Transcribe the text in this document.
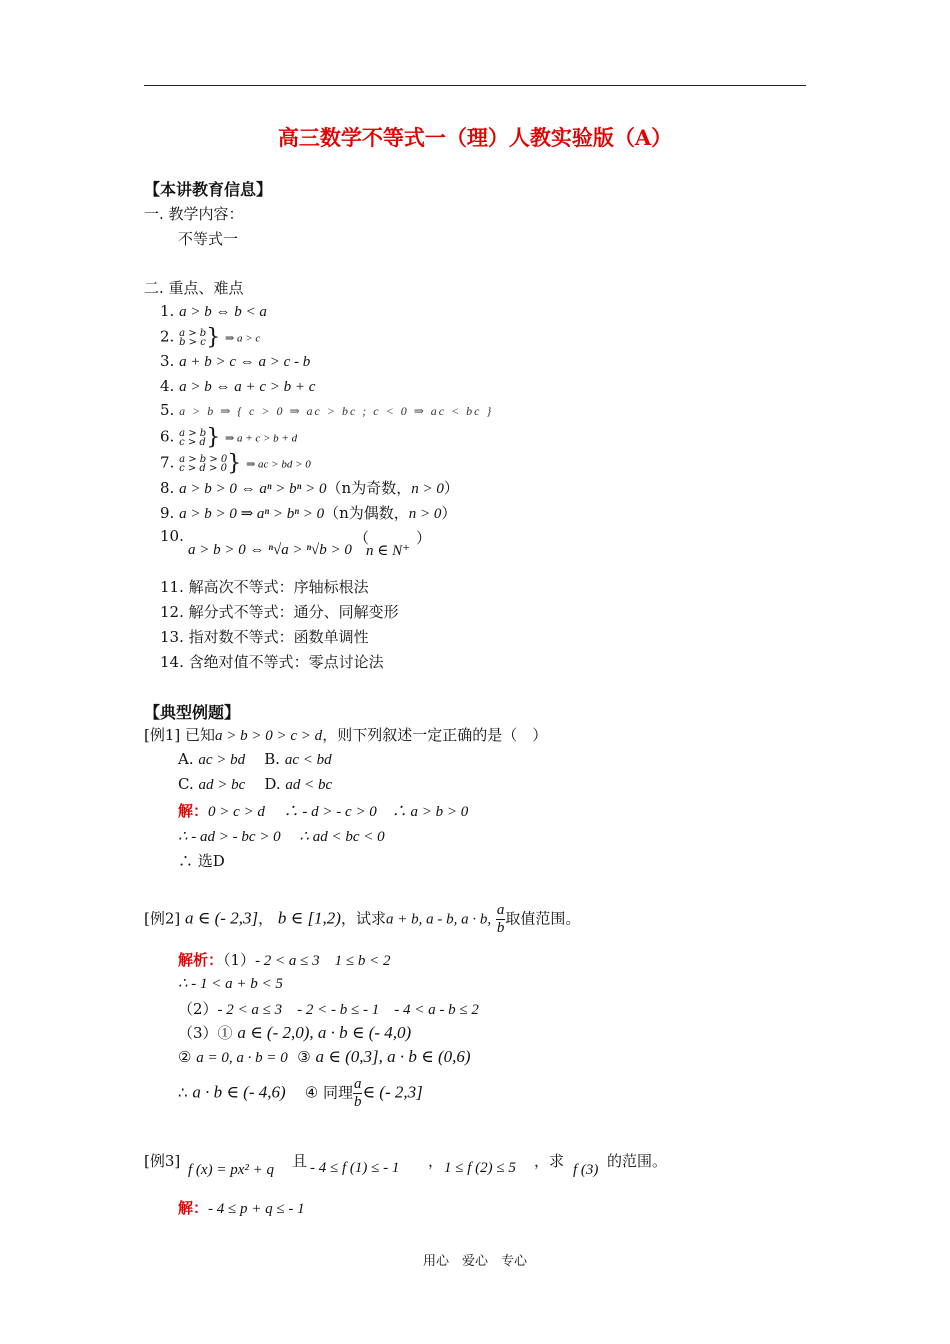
高三数学不等式一（理）人教实验版（A）
【本讲教育信息】
一. 教学内容：
不等式一
二. 重点、难点
1. a > b ⇔ b < a
2. a > b
b > c} ⇒ a > c
3. a + b > c ⇔ a > c - b
4. a > b ⇔ a + c > b + c
5. a > b ⇒ { c > 0 ⇒ ac > bc ; c < 0 ⇒ ac < bc }
6. a > b
c > d} ⇒ a + c > b + d
7. a > b > 0
c > d > 0} ⇒ ac > bd > 0
8. a > b > 0 ⇔ aⁿ > bⁿ > 0（n为奇数，n > 0）
9. a > b > 0 ⇒ aⁿ > bⁿ > 0（n为偶数，n > 0）
10.
a > b > 0 ⇔ ⁿ√a > ⁿ√b > 0
（
n ∈ N⁺
）
11. 解高次不等式：序轴标根法
12. 解分式不等式：通分、同解变形
13. 指对数不等式：函数单调性
14. 含绝对值不等式：零点讨论法
【典型例题】
[例1] 已知a > b > 0 > c > d，则下列叙述一定正确的是（　）
A. ac > bd B. ac < bd
C. ad > bc D. ad < bc
解：0 > c > d　 ∴ - d > - c > 0　∴ a > b > 0
∴ - ad > - bc > 0　 ∴ ad < bc < 0
∴ 选D
[例2] a ∈ (- 2,3]， b ∈ [1,2)，试求a + b, a - b, a · b, $\frac{a}{b}$ 取值范围。
解析：（1）- 2 < a ≤ 3　1 ≤ b < 2
∴ - 1 < a + b < 5
（2）- 2 < a ≤ 3　- 2 < - b ≤ - 1　- 4 < a - b ≤ 2
（3）① a ∈ (- 2,0), a · b ∈ (- 4,0)
② a = 0, a · b = 0 ③ a ∈ (0,3], a · b ∈ (0,6)
∴ a · b ∈ (- 4,6) ④ 同理 $\frac{a}{b}$ ∈ (- 2,3]
[例3] f (x) = px² + q 且 - 4 ≤ f (1) ≤ - 1 ， 1 ≤ f (2) ≤ 5 ，求 f (3) 的范围。
解：- 4 ≤ p + q ≤ - 1
用心　爱心　专心
